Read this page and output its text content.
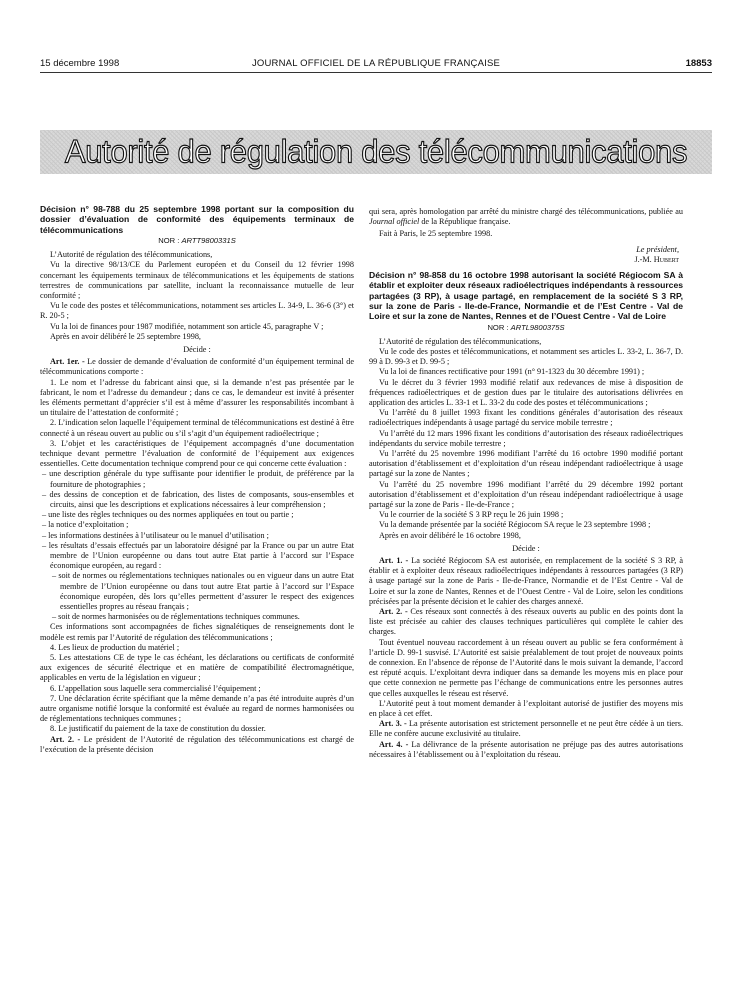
15 décembre 1998	JOURNAL OFFICIEL DE LA RÉPUBLIQUE FRANÇAISE	18853
Autorité de régulation des télécommunications

Décision n° 98-788 du 25 septembre 1998 portant sur la composition du dossier d’évaluation de conformité des équipements terminaux de télécommunications

NOR : ARTT9800331S

L’Autorité de régulation des télécommunications,

Vu la directive 98/13/CE du Parlement européen et du Conseil du 12 février 1998 concernant les équipements terminaux de télécommunications et les équipements de stations terrestres de communications par satellite, incluant la reconnaissance mutuelle de leur conformité ;

Vu le code des postes et télécommunications, notamment ses articles L. 34-9, L. 36-6 (3°) et R. 20-5 ;

Vu la loi de finances pour 1987 modifiée, notamment son article 45, paragraphe V ;

Après en avoir délibéré le 25 septembre 1998,

Décide :

Art. 1er. - Le dossier de demande d’évaluation de conformité d’un équipement terminal de télécommunications comporte :

1. Le nom et l’adresse du fabricant ainsi que, si la demande n’est pas présentée par le fabricant, le nom et l’adresse du demandeur ; dans ce cas, le demandeur est invité à présenter les éléments permettant d’apprécier s’il est à même d’assurer les responsabilités incombant à un titulaire de l’attestation de conformité ;

2. L’indication selon laquelle l’équipement terminal de télécommunications est destiné à être connecté à un réseau ouvert au public ou s’il s’agit d’un équipement radioélectrique ;

3. L’objet et les caractéristiques de l’équipement accompagnés d’une documentation technique devant permettre l’évaluation de conformité de l’équipement aux exigences essentielles. Cette documentation technique comprend pour ce qui concerne cette évaluation :

– une description générale du type suffisante pour identifier le produit, de préférence par la fourniture de photographies ;

– des dessins de conception et de fabrication, des listes de composants, sous-ensembles et circuits, ainsi que les descriptions et explications nécessaires à leur compréhension ;

– une liste des règles techniques ou des normes appliquées en tout ou partie ;

– la notice d’exploitation ;

– les informations destinées à l’utilisateur ou le manuel d’utilisation ;

– les résultats d’essais effectués par un laboratoire désigné par la France ou par un autre Etat membre de l’Union européenne ou dans tout autre Etat partie à l’accord sur l’Espace économique européen, au regard :

– soit de normes ou réglementations techniques nationales ou en vigueur dans un autre Etat membre de l’Union européenne ou dans tout autre Etat partie à l’accord sur l’Espace économique européen, dès lors qu’elles permettent d’assurer le respect des exigences essentielles propres au réseau français ;

– soit de normes harmonisées ou de réglementations techniques communes.

Ces informations sont accompagnées de fiches signalétiques de renseignements dont le modèle est remis par l’Autorité de régulation des télécommunications ;

4. Les lieux de production du matériel ;

5. Les attestations CE de type le cas échéant, les déclarations ou certificats de conformité aux exigences de sécurité électrique et en matière de compatibilité électromagnétique, applicables en vertu de la législation en vigueur ;

6. L’appellation sous laquelle sera commercialisé l’équipement ;

7. Une déclaration écrite spécifiant que la même demande n’a pas été introduite auprès d’un autre organisme notifié lorsque la conformité est évaluée au regard de normes harmonisées ou de réglementations techniques communes ;

8. Le justificatif du paiement de la taxe de constitution du dossier.

Art. 2. - Le président de l’Autorité de régulation des télécommunications est chargé de l’exécution de la présente décision

qui sera, après homologation par arrêté du ministre chargé des télécommunications, publiée au Journal officiel de la République française.

Fait à Paris, le 25 septembre 1998.

Le président,

J.-M. Hubert

Décision n° 98-858 du 16 octobre 1998 autorisant la société Régiocom SA à établir et exploiter deux réseaux radioélectriques indépendants à ressources partagées (3 RP), à usage partagé, en remplacement de la société S 3 RP, sur la zone de Paris - Ile-de-France, Normandie et de l’Est Centre - Val de Loire et sur la zone de Nantes, Rennes et de l’Ouest Centre - Val de Loire

NOR : ARTL9800375S

L’Autorité de régulation des télécommunications,

Vu le code des postes et télécommunications, et notamment ses articles L. 33-2, L. 36-7, D. 99 à D. 99-3 et D. 99-5 ;

Vu la loi de finances rectificative pour 1991 (n° 91-1323 du 30 décembre 1991) ;

Vu le décret du 3 février 1993 modifié relatif aux redevances de mise à disposition de fréquences radioélectriques et de gestion dues par le titulaire des autorisations délivrées en application des articles L. 33-1 et L. 33-2 du code des postes et télécommunications ;

Vu l’arrêté du 8 juillet 1993 fixant les conditions générales d’autorisation des réseaux radioélectriques indépendants à usage partagé du service mobile terrestre ;

Vu l’arrêté du 12 mars 1996 fixant les conditions d’autorisation des réseaux radioélectriques indépendants du service mobile terrestre ;

Vu l’arrêté du 25 novembre 1996 modifiant l’arrêté du 16 octobre 1990 modifié portant autorisation d’établissement et d’exploitation d’un réseau indépendant radioélectrique à usage partagé sur la zone de Nantes ;

Vu l’arrêté du 25 novembre 1996 modifiant l’arrêté du 29 décembre 1992 portant autorisation d’établissement et d’exploitation d’un réseau indépendant radioélectrique à usage partagé sur la zone de Paris - Ile-de-France ;

Vu le courrier de la société S 3 RP reçu le 26 juin 1998 ;

Vu la demande présentée par la société Régiocom SA reçue le 23 septembre 1998 ;

Après en avoir délibéré le 16 octobre 1998,

Décide :

Art. 1. - La société Régiocom SA est autorisée, en remplacement de la société S 3 RP, à établir et à exploiter deux réseaux radioélectriques indépendants à ressources partagées (3 RP) à usage partagé sur la zone de Paris - Ile-de-France, Normandie et de l’Est Centre - Val de Loire et sur la zone de Nantes, Rennes et de l’Ouest Centre - Val de Loire, selon les conditions précisées par la présente décision et le cahier des charges annexé.

Art. 2. - Ces réseaux sont connectés à des réseaux ouverts au public en des points dont la liste est précisée au cahier des clauses techniques particulières qui complète le cahier des charges.

Tout éventuel nouveau raccordement à un réseau ouvert au public se fera conformément à l’article D. 99-1 susvisé. L’Autorité est saisie préalablement de tout projet de nouveaux points de connexion. En l’absence de réponse de l’Autorité dans le mois suivant la demande, l’accord est réputé acquis. L’exploitant devra indiquer dans sa demande les moyens mis en place pour que cette connexion ne permette pas l’échange de communications entre les personnes autres que celles auxquelles le réseau est réservé.

L’Autorité peut à tout moment demander à l’exploitant autorisé de justifier des moyens mis en place à cet effet.

Art. 3. - La présente autorisation est strictement personnelle et ne peut être cédée à un tiers. Elle ne confère aucune exclusivité au titulaire.

Art. 4. - La délivrance de la présente autorisation ne préjuge pas des autres autorisations nécessaires à l’établissement ou à l’exploitation du réseau.
